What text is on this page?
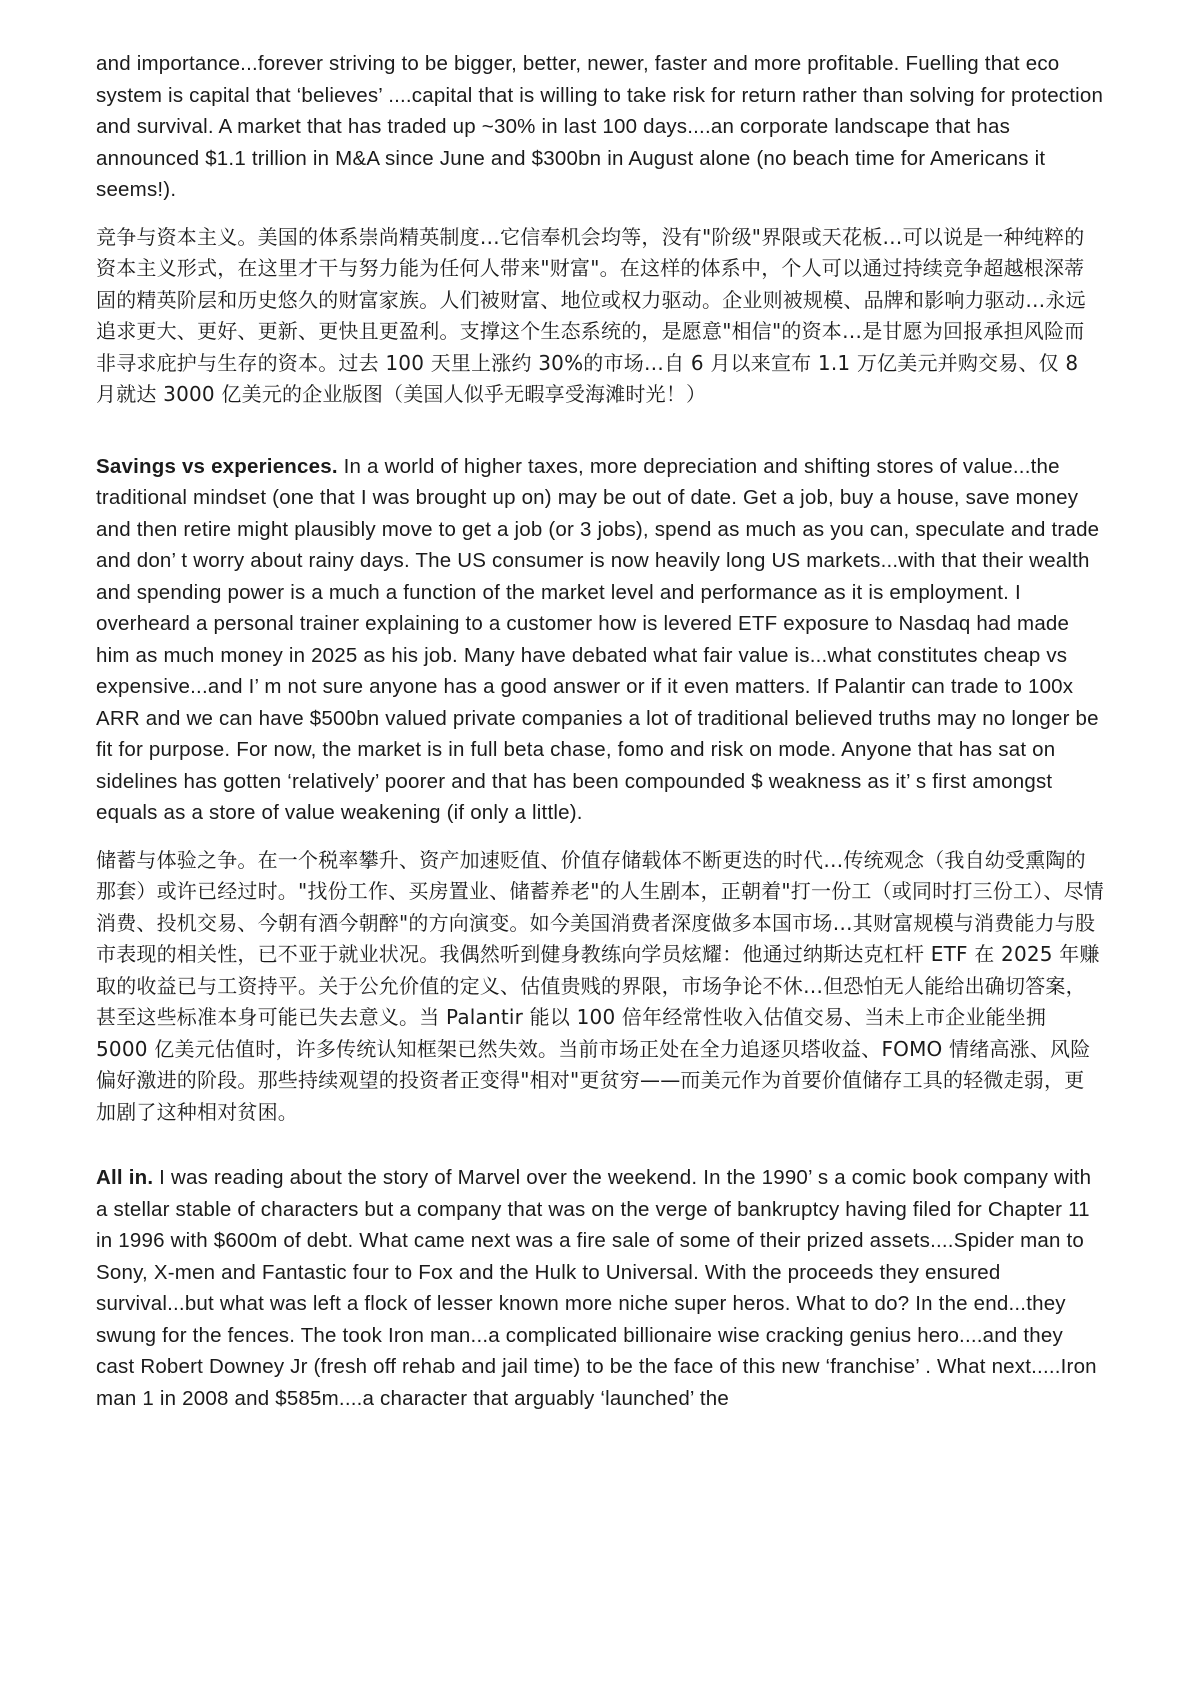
and importance...forever striving to be bigger, better, newer, faster and more profitable. Fuelling that eco system is capital that ‘believes’ ....capital that is willing to take risk for return rather than solving for protection and survival. A market that has traded up ~30% in last 100 days....an corporate landscape that has announced $1.1 trillion in M&A since June and $300bn in August alone (no beach time for Americans it seems!).

竞争与资本主义。美国的体系崇尚精英制度…它信奉机会均等，没有"阶级"界限或天花板…可以说是一种纯粹的资本主义形式，在这里才干与努力能为任何人带来"财富"。在这样的体系中，个人可以通过持续竞争超越根深蒂固的精英阶层和历史悠久的财富家族。人们被财富、地位或权力驱动。企业则被规模、品牌和影响力驱动…永远追求更大、更好、更新、更快且更盈利。支撑这个生态系统的，是愿意"相信"的资本…是甘愿为回报承担风险而非寻求庇护与生存的资本。过去 100 天里上涨约 30%的市场…自 6 月以来宣布 1.1 万亿美元并购交易、仅 8 月就达 3000 亿美元的企业版图（美国人似乎无暇享受海滩时光！）

Savings vs experiences. In a world of higher taxes, more depreciation and shifting stores of value...the traditional mindset (one that I was brought up on) may be out of date. Get a job, buy a house, save money and then retire might plausibly move to get a job (or 3 jobs), spend as much as you can, speculate and trade and don’ t worry about rainy days. The US consumer is now heavily long US markets...with that their wealth and spending power is a much a function of the market level and performance as it is employment. I overheard a personal trainer explaining to a customer how is levered ETF exposure to Nasdaq had made him as much money in 2025 as his job. Many have debated what fair value is...what constitutes cheap vs expensive...and I’ m not sure anyone has a good answer or if it even matters. If Palantir can trade to 100x ARR and we can have $500bn valued private companies a lot of traditional believed truths may no longer be fit for purpose. For now, the market is in full beta chase, fomo and risk on mode. Anyone that has sat on sidelines has gotten ‘relatively’ poorer and that has been compounded $ weakness as it’ s first amongst equals as a store of value weakening (if only a little).

储蓄与体验之争。在一个税率攀升、资产加速贬值、价值存储载体不断更迭的时代…传统观念（我自幼受熏陶的那套）或许已经过时。"找份工作、买房置业、储蓄养老"的人生剧本，正朝着"打一份工（或同时打三份工）、尽情消费、投机交易、今朝有酒今朝醉"的方向演变。如今美国消费者深度做多本国市场…其财富规模与消费能力与股市表现的相关性，已不亚于就业状况。我偶然听到健身教练向学员炫耀：他通过纳斯达克杠杆 ETF 在 2025 年赚取的收益已与工资持平。关于公允价值的定义、估值贵贱的界限，市场争论不休…但恐怕无人能给出确切答案，甚至这些标准本身可能已失去意义。当 Palantir 能以 100 倍年经常性收入估值交易、当未上市企业能坐拥 5000 亿美元估值时，许多传统认知框架已然失效。当前市场正处在全力追逐贝塔收益、FOMO 情绪高涨、风险偏好激进的阶段。那些持续观望的投资者正变得"相对"更贫穷——而美元作为首要价值储存工具的轻微走弱，更加剧了这种相对贫困。

All in. I was reading about the story of Marvel over the weekend. In the 1990’ s a comic book company with a stellar stable of characters but a company that was on the verge of bankruptcy having filed for Chapter 11 in 1996 with $600m of debt. What came next was a fire sale of some of their prized assets....Spider man to Sony, X-men and Fantastic four to Fox and the Hulk to Universal. With the proceeds they ensured survival...but what was left a flock of lesser known more niche super heros. What to do? In the end...they swung for the fences. The took Iron man...a complicated billionaire wise cracking genius hero....and they cast Robert Downey Jr (fresh off rehab and jail time) to be the face of this new ‘franchise’ . What next.....Iron man 1 in 2008 and $585m....a character that arguably ‘launched’ the
